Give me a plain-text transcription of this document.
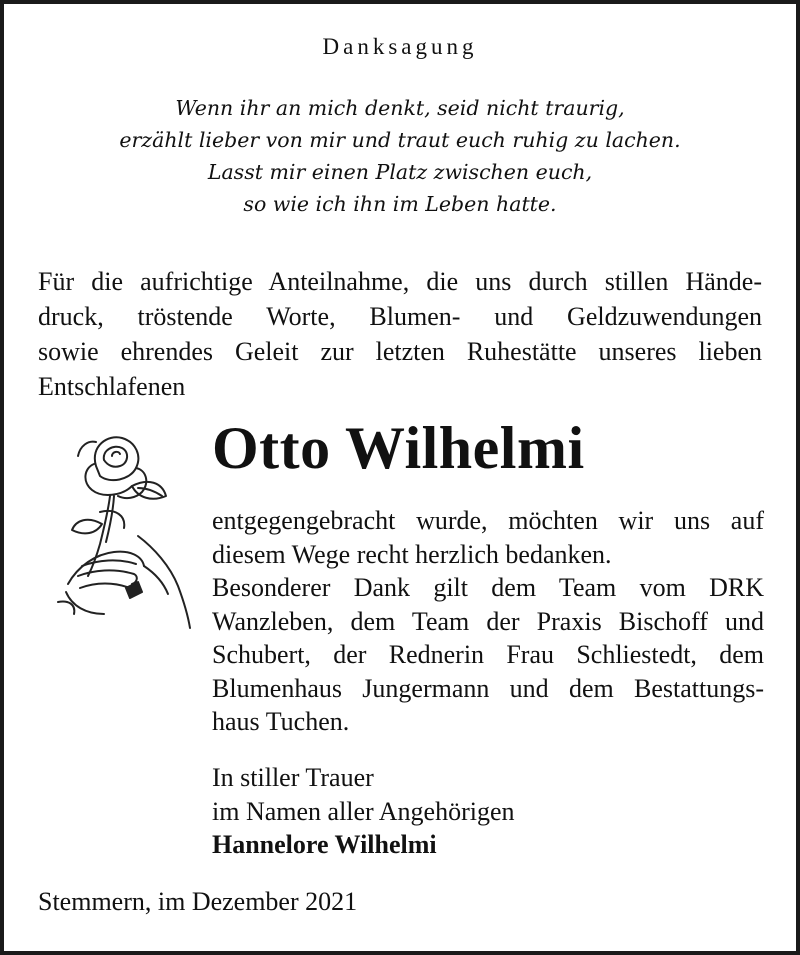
Danksagung
Wenn ihr an mich denkt, seid nicht traurig,
erzählt lieber von mir und traut euch ruhig zu lachen.
Lasst mir einen Platz zwischen euch,
so wie ich ihn im Leben hatte.
Für die aufrichtige Anteilnahme, die uns durch stillen Hände-
druck, tröstende Worte, Blumen- und Geldzuwendungen
sowie ehrendes Geleit zur letzten Ruhestätte unseres lieben
Entschlafenen
Otto Wilhelmi
entgegengebracht wurde, möchten wir uns auf
diesem Wege recht herzlich bedanken.
Besonderer Dank gilt dem Team vom DRK
Wanzleben, dem Team der Praxis Bischoff und
Schubert, der Rednerin Frau Schliestedt, dem
Blumenhaus Jungermann und dem Bestattungs-
haus Tuchen.
In stiller Trauer
im Namen aller Angehörigen
Hannelore Wilhelmi
Stemmern, im Dezember 2021
